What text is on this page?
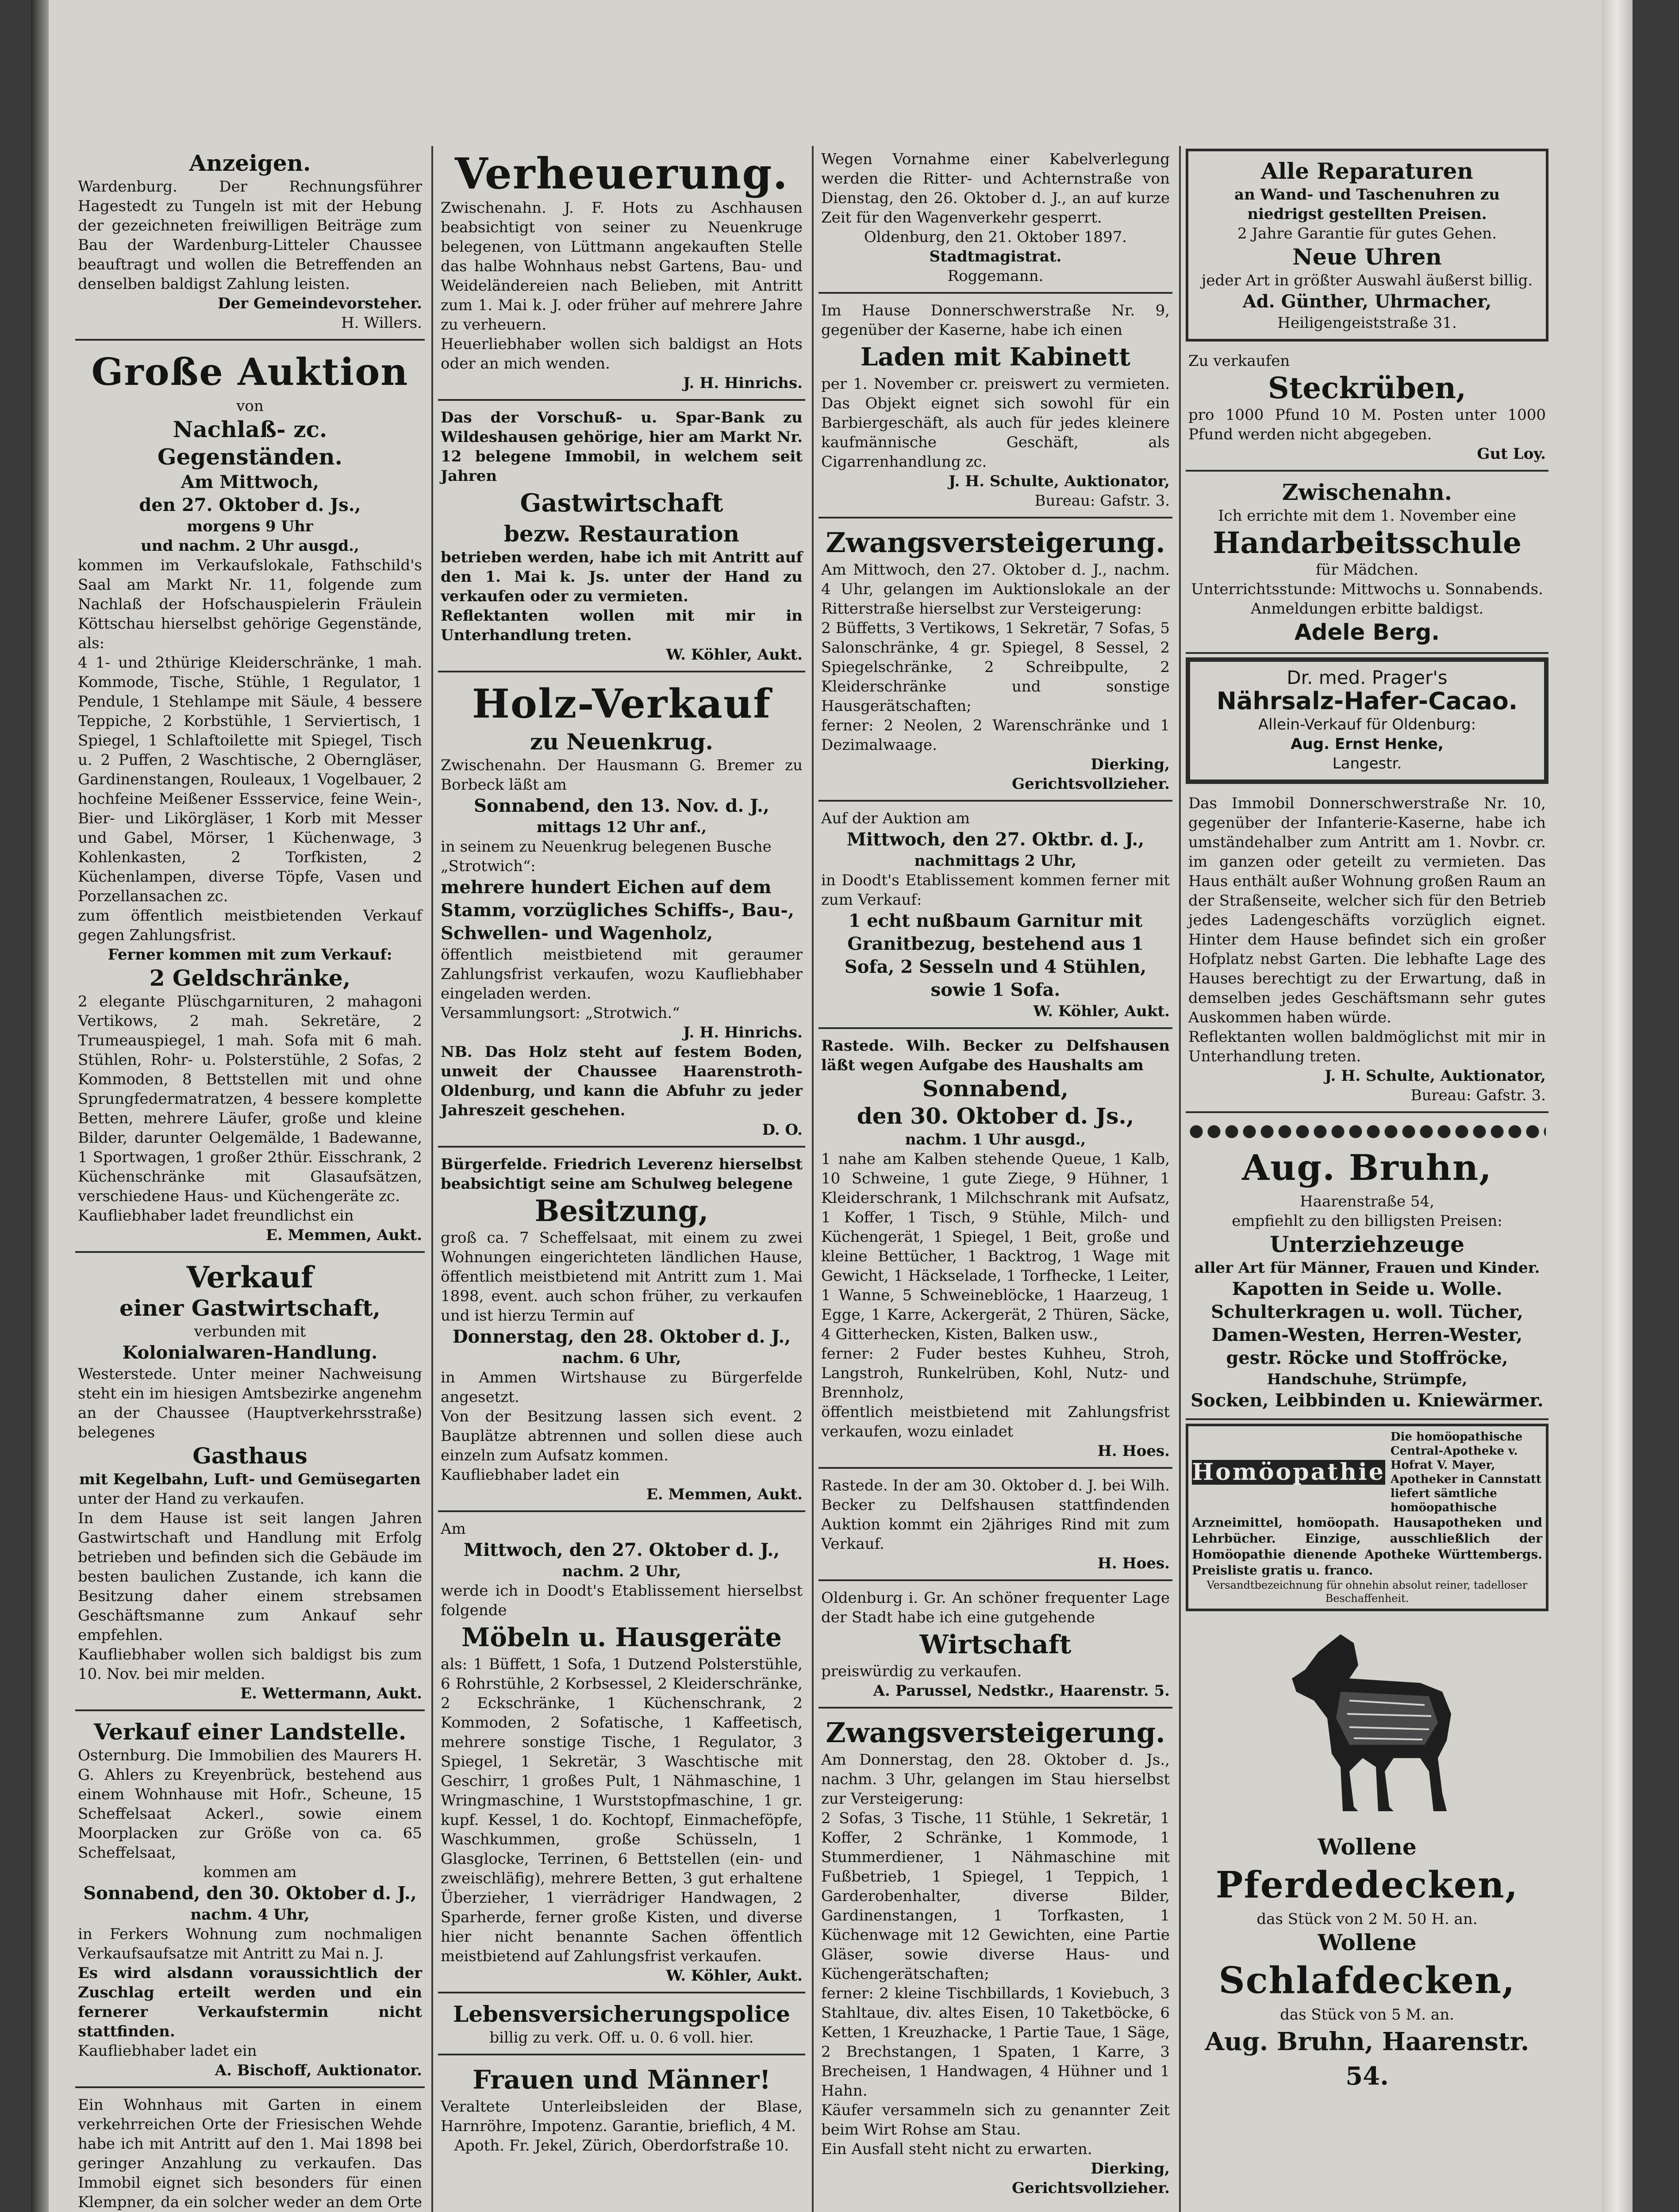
Anzeigen.

Wardenburg. Der Rechnungsführer Hagestedt zu Tungeln ist mit der Hebung der gezeichneten freiwilligen Beiträge zum Bau der Wardenburg-Litteler Chaussee beauftragt und wollen die Betreffenden an denselben baldigst Zahlung leisten.

Der Gemeindevorsteher.

H. Willers.

Große Auktion

von

Nachlaß- zc. Gegenständen.

Am Mittwoch,

den 27. Oktober d. Js.,

morgens 9 Uhr

und nachm. 2 Uhr ausgd.,

kommen im Verkaufslokale, Fathschild's Saal am Markt Nr. 11, folgende zum Nachlaß der Hofschauspielerin Fräulein Köttschau hierselbst gehörige Gegenstände, als:

4 1- und 2thürige Kleiderschränke, 1 mah. Kommode, Tische, Stühle, 1 Regulator, 1 Pendule, 1 Stehlampe mit Säule, 4 bessere Teppiche, 2 Korbstühle, 1 Serviertisch, 1 Spiegel, 1 Schlaftoilette mit Spiegel, Tisch u. 2 Puffen, 2 Waschtische, 2 Oberngläser, Gardinenstangen, Rouleaux, 1 Vogelbauer, 2 hochfeine Meißener Essservice, feine Wein-, Bier- und Likörgläser, 1 Korb mit Messer und Gabel, Mörser, 1 Küchenwage, 3 Kohlenkasten, 2 Torfkisten, 2 Küchenlampen, diverse Töpfe, Vasen und Porzellansachen zc.

zum öffentlich meistbietenden Verkauf gegen Zahlungsfrist.

Ferner kommen mit zum Verkauf:

2 Geldschränke,

2 elegante Plüschgarnituren, 2 mahagoni Vertikows, 2 mah. Sekretäre, 2 Trumeauspiegel, 1 mah. Sofa mit 6 mah. Stühlen, Rohr- u. Polsterstühle, 2 Sofas, 2 Kommoden, 8 Bettstellen mit und ohne Sprungfedermatratzen, 4 bessere komplette Betten, mehrere Läufer, große und kleine Bilder, darunter Oelgemälde, 1 Badewanne, 1 Sportwagen, 1 großer 2thür. Eisschrank, 2 Küchenschränke mit Glasaufsätzen, verschiedene Haus- und Küchengeräte zc.

Kaufliebhaber ladet freundlichst ein

E. Memmen, Aukt.

Verkauf

einer Gastwirtschaft,

verbunden mit

Kolonialwaren-Handlung.

Westerstede. Unter meiner Nachweisung steht ein im hiesigen Amtsbezirke angenehm an der Chaussee (Hauptverkehrsstraße) belegenes

Gasthaus

mit Kegelbahn, Luft- und Gemüsegarten

unter der Hand zu verkaufen.

In dem Hause ist seit langen Jahren Gastwirtschaft und Handlung mit Erfolg betrieben und befinden sich die Gebäude im besten baulichen Zustande, ich kann die Besitzung daher einem strebsamen Geschäftsmanne zum Ankauf sehr empfehlen.

Kaufliebhaber wollen sich baldigst bis zum 10. Nov. bei mir melden.

E. Wettermann, Aukt.

Verkauf einer Landstelle.

Osternburg. Die Immobilien des Maurers H. G. Ahlers zu Kreyenbrück, bestehend aus einem Wohnhause mit Hofr., Scheune, 15 Scheffelsaat Ackerl., sowie einem Moorplacken zur Größe von ca. 65 Scheffelsaat,

kommen am

Sonnabend, den 30. Oktober d. J.,

nachm. 4 Uhr,

in Ferkers Wohnung zum nochmaligen Verkaufsaufsatze mit Antritt zu Mai n. J.

Es wird alsdann voraussichtlich der Zuschlag erteilt werden und ein fernerer Verkaufstermin nicht stattfinden.

Kaufliebhaber ladet ein

A. Bischoff, Auktionator.

Ein Wohnhaus mit Garten in einem verkehrreichen Orte der Friesischen Wehde habe ich mit Antritt auf den 1. Mai 1898 bei geringer Anzahlung zu verkaufen. Das Immobil eignet sich besonders für einen Klempner, da ein solcher weder an dem Orte

Verheuerung.

Zwischenahn. J. F. Hots zu Aschhausen beabsichtigt von seiner zu Neuenkruge belegenen, von Lüttmann angekauften Stelle das halbe Wohnhaus nebst Gartens, Bau- und Weideländereien nach Belieben, mit Antritt zum 1. Mai k. J. oder früher auf mehrere Jahre zu verheuern.

Heuerliebhaber wollen sich baldigst an Hots oder an mich wenden.

J. H. Hinrichs.

Das der Vorschuß- u. Spar-Bank zu Wildeshausen gehörige, hier am Markt Nr. 12 belegene Immobil, in welchem seit Jahren

Gastwirtschaft

bezw. Restauration

betrieben werden, habe ich mit Antritt auf den 1. Mai k. Js. unter der Hand zu verkaufen oder zu vermieten.

Reflektanten wollen mit mir in Unterhandlung treten.

W. Köhler, Aukt.

Holz-Verkauf

zu Neuenkrug.

Zwischenahn. Der Hausmann G. Bremer zu Borbeck läßt am

Sonnabend, den 13. Nov. d. J.,

mittags 12 Uhr anf.,

in seinem zu Neuenkrug belegenen Busche „Strotwich“:

mehrere hundert Eichen auf dem Stamm, vorzügliches Schiffs-, Bau-, Schwellen- und Wagenholz,

öffentlich meistbietend mit geraumer Zahlungsfrist verkaufen, wozu Kaufliebhaber eingeladen werden.

Versammlungsort: „Strotwich.“

J. H. Hinrichs.

NB. Das Holz steht auf festem Boden, unweit der Chaussee Haarenstroth-Oldenburg, und kann die Abfuhr zu jeder Jahreszeit geschehen.

D. O.

Bürgerfelde. Friedrich Leverenz hierselbst beabsichtigt seine am Schulweg belegene

Besitzung,

groß ca. 7 Scheffelsaat, mit einem zu zwei Wohnungen eingerichteten ländlichen Hause, öffentlich meistbietend mit Antritt zum 1. Mai 1898, event. auch schon früher, zu verkaufen und ist hierzu Termin auf

Donnerstag, den 28. Oktober d. J.,

nachm. 6 Uhr,

in Ammen Wirtshause zu Bürgerfelde angesetzt.

Von der Besitzung lassen sich event. 2 Bauplätze abtrennen und sollen diese auch einzeln zum Aufsatz kommen.

Kaufliebhaber ladet ein

E. Memmen, Aukt.

Am

Mittwoch, den 27. Oktober d. J.,

nachm. 2 Uhr,

werde ich in Doodt's Etablissement hierselbst folgende

Möbeln u. Hausgeräte

als: 1 Büffett, 1 Sofa, 1 Dutzend Polsterstühle, 6 Rohrstühle, 2 Korbsessel, 2 Kleiderschränke, 2 Eckschränke, 1 Küchenschrank, 2 Kommoden, 2 Sofatische, 1 Kaffeetisch, mehrere sonstige Tische, 1 Regulator, 3 Spiegel, 1 Sekretär, 3 Waschtische mit Geschirr, 1 großes Pult, 1 Nähmaschine, 1 Wringmaschine, 1 Wurststopfmaschine, 1 gr. kupf. Kessel, 1 do. Kochtopf, Einmacheföpfe, Waschkummen, große Schüsseln, 1 Glasglocke, Terrinen, 6 Bettstellen (ein- und zweischläfig), mehrere Betten, 3 gut erhaltene Überzieher, 1 vierrädriger Handwagen, 2 Sparherde, ferner große Kisten, und diverse hier nicht benannte Sachen öffentlich meistbietend auf Zahlungsfrist verkaufen.

W. Köhler, Aukt.

Lebensversicherungspolice

billig zu verk. Off. u. 0. 6 voll. hier.

Frauen und Männer!

Veraltete Unterleibsleiden der Blase, Harnröhre, Impotenz. Garantie, brieflich, 4 M.

Apoth. Fr. Jekel, Zürich, Oberdorfstraße 10.

Wegen Vornahme einer Kabelverlegung werden die Ritter- und Achternstraße von Dienstag, den 26. Oktober d. J., an auf kurze Zeit für den Wagenverkehr gesperrt.

Oldenburg, den 21. Oktober 1897.

Stadtmagistrat.

Roggemann.

Im Hause Donnerschwerstraße Nr. 9, gegenüber der Kaserne, habe ich einen

Laden mit Kabinett

per 1. November cr. preiswert zu vermieten. Das Objekt eignet sich sowohl für ein Barbiergeschäft, als auch für jedes kleinere kaufmännische Geschäft, als Cigarrenhandlung zc.

J. H. Schulte, Auktionator,

Bureau: Gafstr. 3.

Zwangsversteigerung.

Am Mittwoch, den 27. Oktober d. J., nachm. 4 Uhr, gelangen im Auktionslokale an der Ritterstraße hierselbst zur Versteigerung:

2 Büffetts, 3 Vertikows, 1 Sekretär, 7 Sofas, 5 Salonschränke, 4 gr. Spiegel, 8 Sessel, 2 Spiegelschränke, 2 Schreibpulte, 2 Kleiderschränke und sonstige Hausgerätschaften;

ferner: 2 Neolen, 2 Warenschränke und 1 Dezimalwaage.

Dierking,

Gerichtsvollzieher.

Auf der Auktion am

Mittwoch, den 27. Oktbr. d. J.,

nachmittags 2 Uhr,

in Doodt's Etablissement kommen ferner mit zum Verkauf:

1 echt nußbaum Garnitur mit Granitbezug, bestehend aus 1 Sofa, 2 Sesseln und 4 Stühlen, sowie 1 Sofa.

W. Köhler, Aukt.

Rastede. Wilh. Becker zu Delfshausen läßt wegen Aufgabe des Haushalts am

Sonnabend,

den 30. Oktober d. Js.,

nachm. 1 Uhr ausgd.,

1 nahe am Kalben stehende Queue, 1 Kalb, 10 Schweine, 1 gute Ziege, 9 Hühner, 1 Kleiderschrank, 1 Milchschrank mit Aufsatz, 1 Koffer, 1 Tisch, 9 Stühle, Milch- und Küchengerät, 1 Spiegel, 1 Beit, große und kleine Bettücher, 1 Backtrog, 1 Wage mit Gewicht, 1 Häckselade, 1 Torfhecke, 1 Leiter, 1 Wanne, 5 Schweineblöcke, 1 Haarzeug, 1 Egge, 1 Karre, Ackergerät, 2 Thüren, Säcke, 4 Gitterhecken, Kisten, Balken usw.,

ferner: 2 Fuder bestes Kuhheu, Stroh, Langstroh, Runkelrüben, Kohl, Nutz- und Brennholz,

öffentlich meistbietend mit Zahlungsfrist verkaufen, wozu einladet

H. Hoes.

Rastede. In der am 30. Oktober d. J. bei Wilh. Becker zu Delfshausen stattfindenden Auktion kommt ein 2jähriges Rind mit zum Verkauf.

H. Hoes.

Oldenburg i. Gr. An schöner frequenter Lage der Stadt habe ich eine gutgehende

Wirtschaft

preiswürdig zu verkaufen.

A. Parussel, Nedstkr., Haarenstr. 5.

Zwangsversteigerung.

Am Donnerstag, den 28. Oktober d. Js., nachm. 3 Uhr, gelangen im Stau hierselbst zur Versteigerung:

2 Sofas, 3 Tische, 11 Stühle, 1 Sekretär, 1 Koffer, 2 Schränke, 1 Kommode, 1 Stummerdiener, 1 Nähmaschine mit Fußbetrieb, 1 Spiegel, 1 Teppich, 1 Garderobenhalter, diverse Bilder, Gardinenstangen, 1 Torfkasten, 1 Küchenwage mit 12 Gewichten, eine Partie Gläser, sowie diverse Haus- und Küchengerätschaften;

ferner: 2 kleine Tischbillards, 1 Koviebuch, 3 Stahltaue, div. altes Eisen, 10 Taketböcke, 6 Ketten, 1 Kreuzhacke, 1 Partie Taue, 1 Säge, 2 Brechstangen, 1 Spaten, 1 Karre, 3 Brecheisen, 1 Handwagen, 4 Hühner und 1 Hahn.

Käufer versammeln sich zu genannter Zeit beim Wirt Rohse am Stau.

Ein Ausfall steht nicht zu erwarten.

Dierking,

Gerichtsvollzieher.

Alle Reparaturen

an Wand- und Taschenuhren zu niedrigst gestellten Preisen.

2 Jahre Garantie für gutes Gehen.

Neue Uhren

jeder Art in größter Auswahl äußerst billig.

Ad. Günther, Uhrmacher,

Heiligengeiststraße 31.

Zu verkaufen

Steckrüben,

pro 1000 Pfund 10 M. Posten unter 1000 Pfund werden nicht abgegeben.

Gut Loy.

Zwischenahn.

Ich errichte mit dem 1. November eine

Handarbeitsschule

für Mädchen.

Unterrichtsstunde: Mittwochs u. Sonnabends.

Anmeldungen erbitte baldigst.

Adele Berg.

Dr. med. Prager's

Nährsalz-Hafer-Cacao.

Allein-Verkauf für Oldenburg:

Aug. Ernst Henke,

Langestr.

Das Immobil Donnerschwerstraße Nr. 10, gegenüber der Infanterie-Kaserne, habe ich umständehalber zum Antritt am 1. Novbr. cr. im ganzen oder geteilt zu vermieten. Das Haus enthält außer Wohnung großen Raum an der Straßenseite, welcher sich für den Betrieb jedes Ladengeschäfts vorzüglich eignet. Hinter dem Hause befindet sich ein großer Hofplatz nebst Garten. Die lebhafte Lage des Hauses berechtigt zu der Erwartung, daß in demselben jedes Geschäftsmann sehr gutes Auskommen haben würde.

Reflektanten wollen baldmöglichst mit mir in Unterhandlung treten.

J. H. Schulte, Auktionator,

Bureau: Gafstr. 3.

Aug. Bruhn,

Haarenstraße 54,

empfiehlt zu den billigsten Preisen:

Unterziehzeuge

aller Art für Männer, Frauen und Kinder.

Kapotten in Seide u. Wolle.

Schulterkragen u. woll. Tücher,

Damen-Westen, Herren-Wester,

gestr. Röcke und Stoffröcke,

Handschuhe, Strümpfe,

Socken, Leibbinden u. Kniewärmer.

Homöopathie

Die homöopathische Central-Apotheke v. Hofrat V. Mayer, Apotheker in Cannstatt liefert sämtliche homöopathische

Arzneimittel, homöopath. Hausapotheken und Lehrbücher. Einzige, ausschließlich der Homöopathie dienende Apotheke Württembergs. Preisliste gratis u. franco.

Versandtbezeichnung für ohnehin absolut reiner, tadelloser Beschaffenheit.

Wollene

Pferdedecken,

das Stück von 2 M. 50 H. an.

Wollene

Schlafdecken,

das Stück von 5 M. an.

Aug. Bruhn, Haarenstr. 54.
